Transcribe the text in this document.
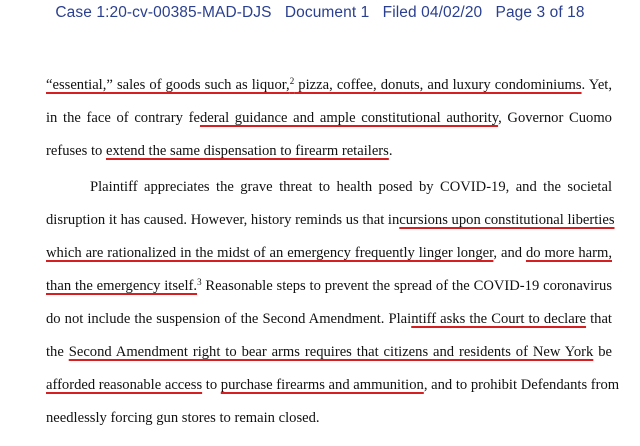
Case 1:20-cv-00385-MAD-DJS Document 1 Filed 04/02/20 Page 3 of 18
“essential,” sales of goods such as liquor,$^2$ pizza, coffee, donuts, and luxury condominiums. Yet,
in the face of contrary federal guidance and ample constitutional authority, Governor Cuomo
refuses to extend the same dispensation to firearm retailers.
Plaintiff appreciates the grave threat to health posed by COVID-19, and the societal
disruption it has caused. However, history reminds us that incursions upon constitutional liberties
which are rationalized in the midst of an emergency frequently linger longer, and do more harm,
than the emergency itself.$^3$ Reasonable steps to prevent the spread of the COVID-19 coronavirus
do not include the suspension of the Second Amendment. Plaintiff asks the Court to declare that
the Second Amendment right to bear arms requires that citizens and residents of New York be
afforded reasonable access to purchase firearms and ammunition, and to prohibit Defendants from
needlessly forcing gun stores to remain closed.
